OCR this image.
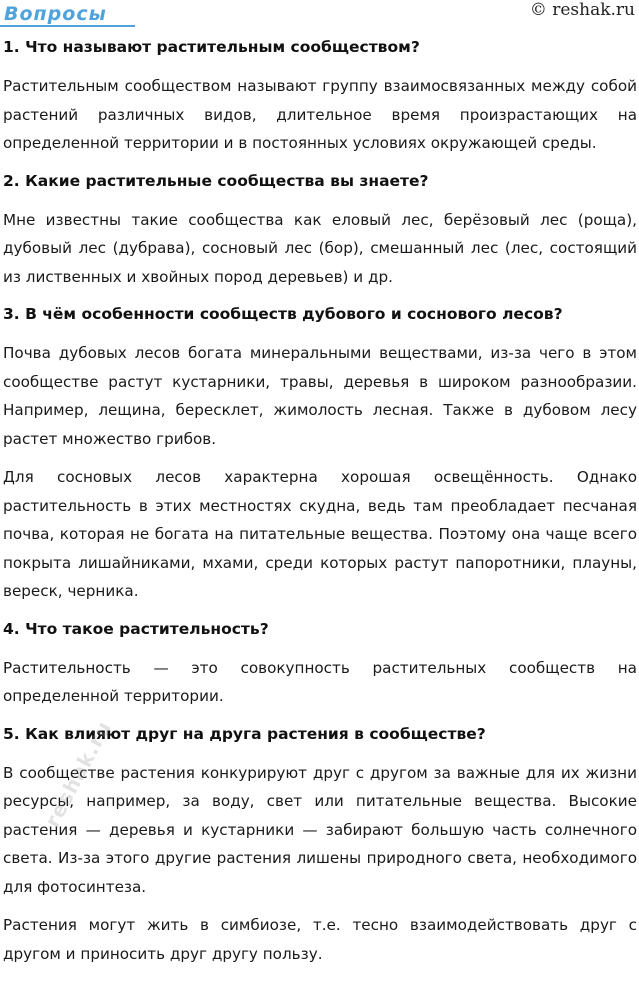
Вопросы	© reshak.ru
1. Что называют растительным сообществом?

Растительным сообществом называют группу взаимосвязанных между собой растений различных видов, длительное время произрастающих на определенной территории и в постоянных условиях окружающей среды.

2. Какие растительные сообщества вы знаете?

Мне известны такие сообщества как еловый лес, берёзовый лес (роща), дубовый лес (дубрава), сосновый лес (бор), смешанный лес (лес, состоящий из лиственных и хвойных пород деревьев) и др.

3. В чём особенности сообществ дубового и соснового лесов?

Почва дубовых лесов богата минеральными веществами, из-за чего в этом сообществе растут кустарники, травы, деревья в широком разнообразии. Например, лещина, бересклет, жимолость лесная. Также в дубовом лесу растет множество грибов.

Для сосновых лесов характерна хорошая освещённость. Однако растительность в этих местностях скудна, ведь там преобладает песчаная почва, которая не богата на питательные вещества. Поэтому она чаще всего покрыта лишайниками, мхами, среди которых растут папоротники, плауны, вереск, черника.

4. Что такое растительность?

Растительность — это совокупность растительных сообществ на определенной территории.

5. Как влияют друг на друга растения в сообществе?

В сообществе растения конкурируют друг с другом за важные для их жизни ресурсы, например, за воду, свет или питательные вещества. Высокие растения — деревья и кустарники — забирают большую часть солнечного света. Из-за этого другие растения лишены природного света, необходимого для фотосинтеза.

Растения могут жить в симбиозе, т.е. тесно взаимодействовать друг с другом и приносить друг другу пользу.

reshak.ru
